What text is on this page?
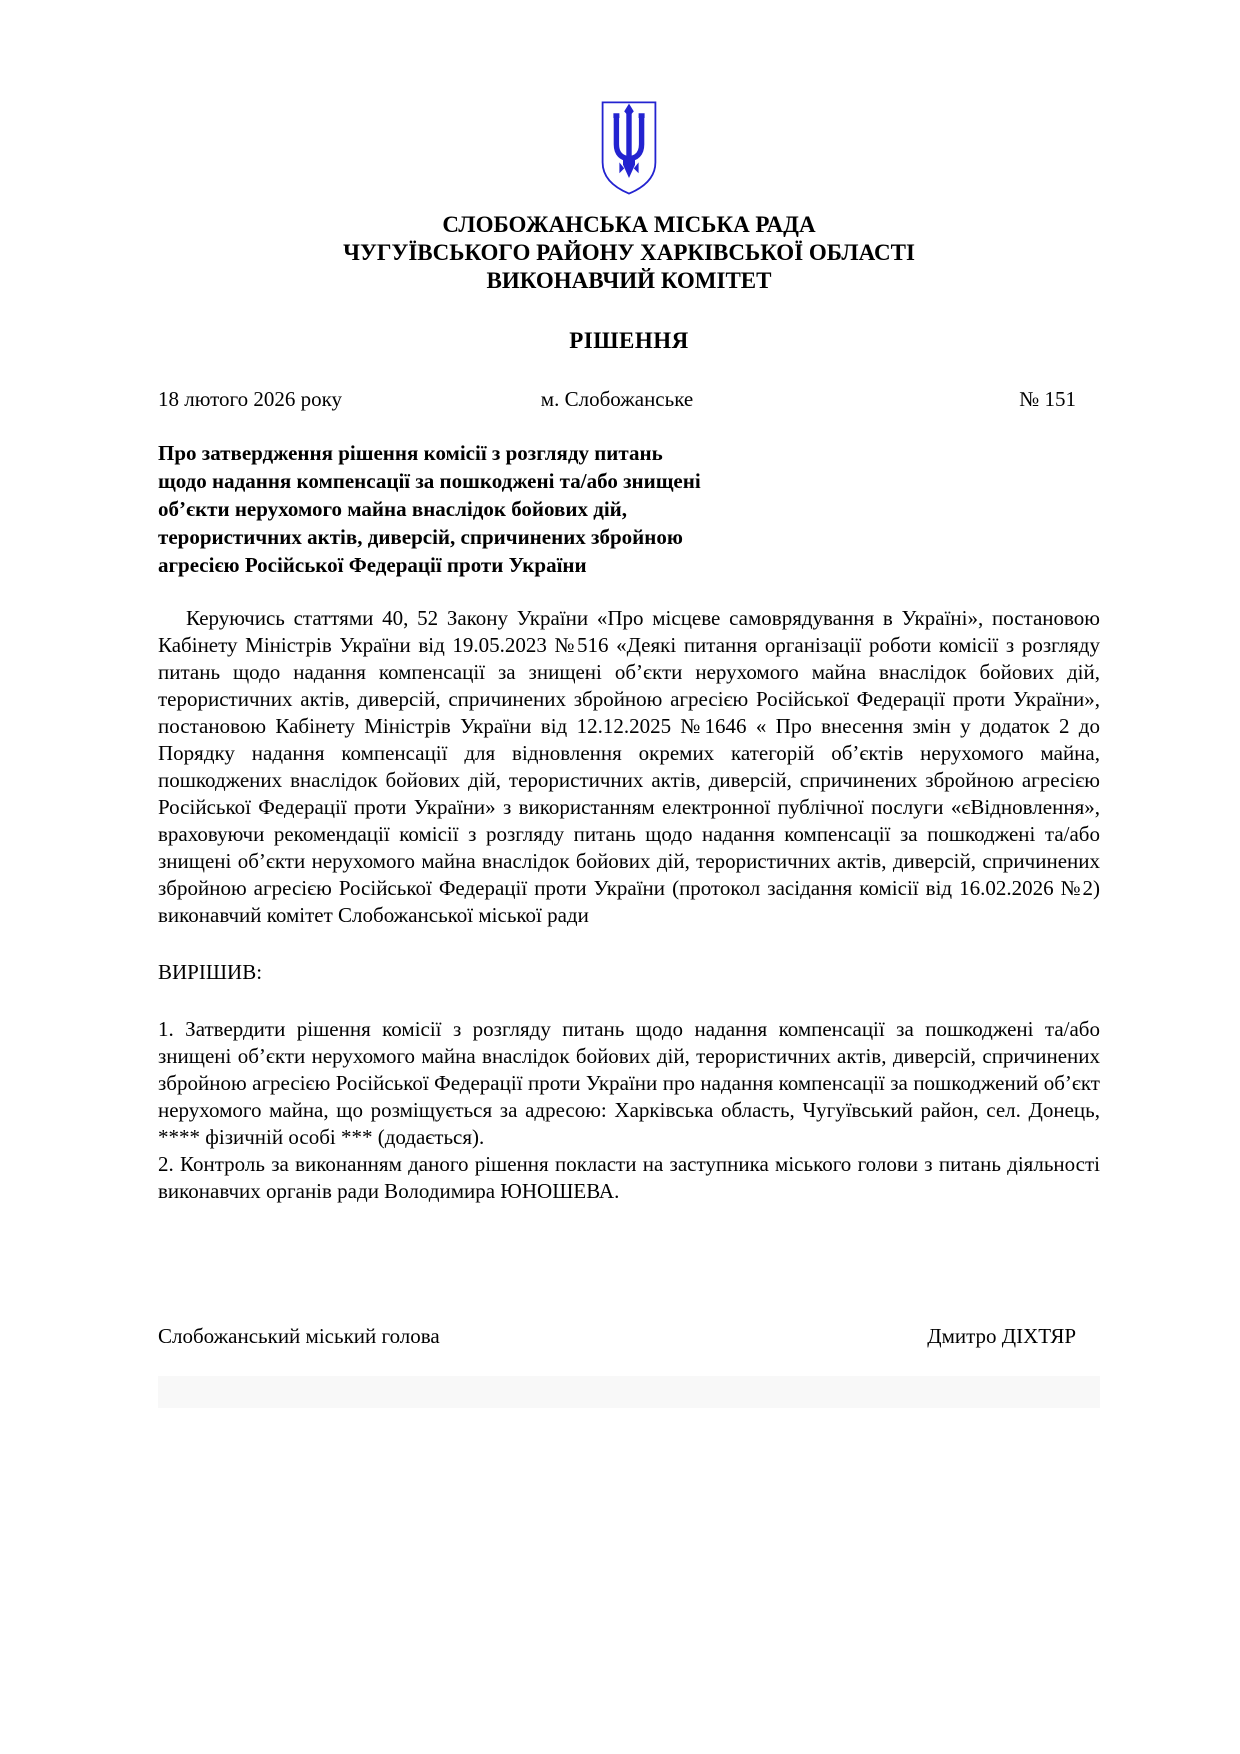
СЛОБОЖАНСЬКА МІСЬКА РАДА
ЧУГУЇВСЬКОГО РАЙОНУ ХАРКІВСЬКОЇ ОБЛАСТІ
ВИКОНАВЧИЙ КОМІТЕТ
РІШЕННЯ
18 лютого 2026 року	м. Слобожанське	№ 151
Про затвердження рішення комісії з розгляду питань
щодо надання компенсації за пошкоджені та/або знищені
об’єкти нерухомого майна внаслідок бойових дій,
терористичних актів, диверсій, спричинених збройною
агресією Російської Федерації проти України

Керуючись статтями 40, 52 Закону України «Про місцеве самоврядування в Україні», постановою Кабінету Міністрів України від 19.05.2023 №516 «Деякі питання організації роботи комісії з розгляду питань щодо надання компенсації за знищені об’єкти нерухомого майна внаслідок бойових дій, терористичних актів, диверсій, спричинених збройною агресією Російської Федерації проти України», постановою Кабінету Міністрів України від 12.12.2025 №1646 « Про внесення змін у додаток 2 до Порядку надання компенсації для відновлення окремих категорій об’єктів нерухомого майна, пошкоджених внаслідок бойових дій, терористичних актів, диверсій, спричинених збройною агресією Російської Федерації проти України» з використанням електронної публічної послуги «єВідновлення», враховуючи рекомендації комісії з розгляду питань щодо надання компенсації за пошкоджені та/або знищені об’єкти нерухомого майна внаслідок бойових дій, терористичних актів, диверсій, спричинених збройною агресією Російської Федерації проти України (протокол засідання комісії від 16.02.2026 №2) виконавчий комітет Слобожанської міської ради

ВИРІШИВ:

1. Затвердити рішення комісії з розгляду питань щодо надання компенсації за пошкоджені та/або знищені об’єкти нерухомого майна внаслідок бойових дій, терористичних актів, диверсій, спричинених збройною агресією Російської Федерації проти України про надання компенсації за пошкоджений об’єкт нерухомого майна, що розміщується за адресою: Харківська область, Чугуївський район, сел. Донець, **** фізичній особі *** (додається).

2. Контроль за виконанням даного рішення покласти на заступника міського голови з питань діяльності виконавчих органів ради Володимира ЮНОШЕВА.

Слобожанський міський голова	Дмитро ДІХТЯР
